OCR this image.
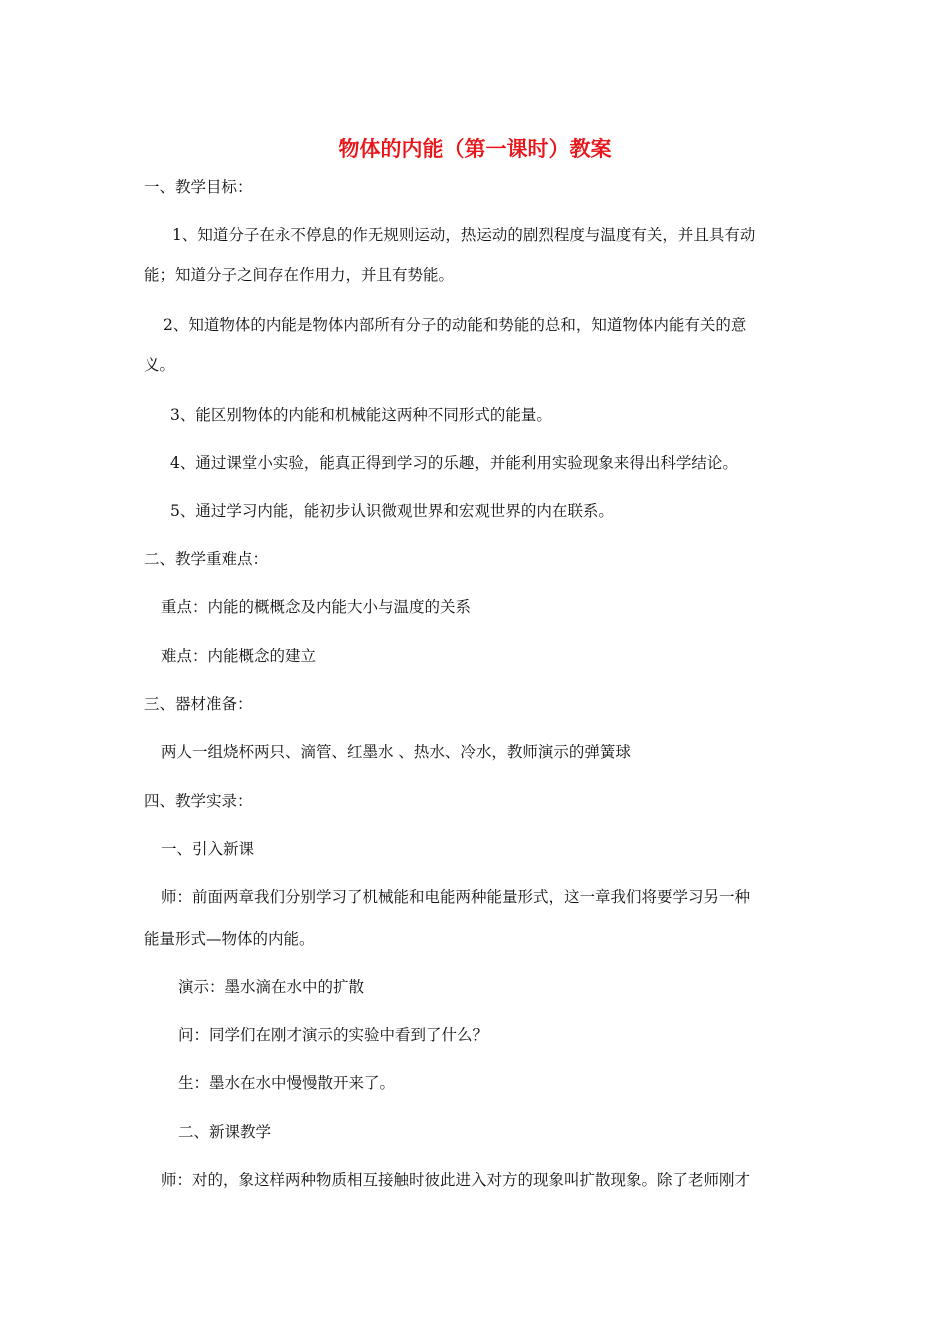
物体的内能（第一课时）教案
一、教学目标：
1、知道分子在永不停息的作无规则运动，热运动的剧烈程度与温度有关，并且具有动
能；知道分子之间存在作用力，并且有势能。
2、知道物体的内能是物体内部所有分子的动能和势能的总和，知道物体内能有关的意
义。
3、能区别物体的内能和机械能这两种不同形式的能量。
4、通过课堂小实验，能真正得到学习的乐趣，并能利用实验现象来得出科学结论。
5、通过学习内能，能初步认识微观世界和宏观世界的内在联系。
二、教学重难点：
重点：内能的概概念及内能大小与温度的关系
难点：内能概念的建立
三、器材准备：
两人一组烧杯两只、滴管、红墨水 、热水、冷水，教师演示的弹簧球
四、教学实录：
一、引入新课
师：前面两章我们分别学习了机械能和电能两种能量形式，这一章我们将要学习另一种
能量形式—物体的内能。
演示：墨水滴在水中的扩散
问：同学们在刚才演示的实验中看到了什么？
生：墨水在水中慢慢散开来了。
二、新课教学
师：对的，象这样两种物质相互接触时彼此进入对方的现象叫扩散现象。除了老师刚才
